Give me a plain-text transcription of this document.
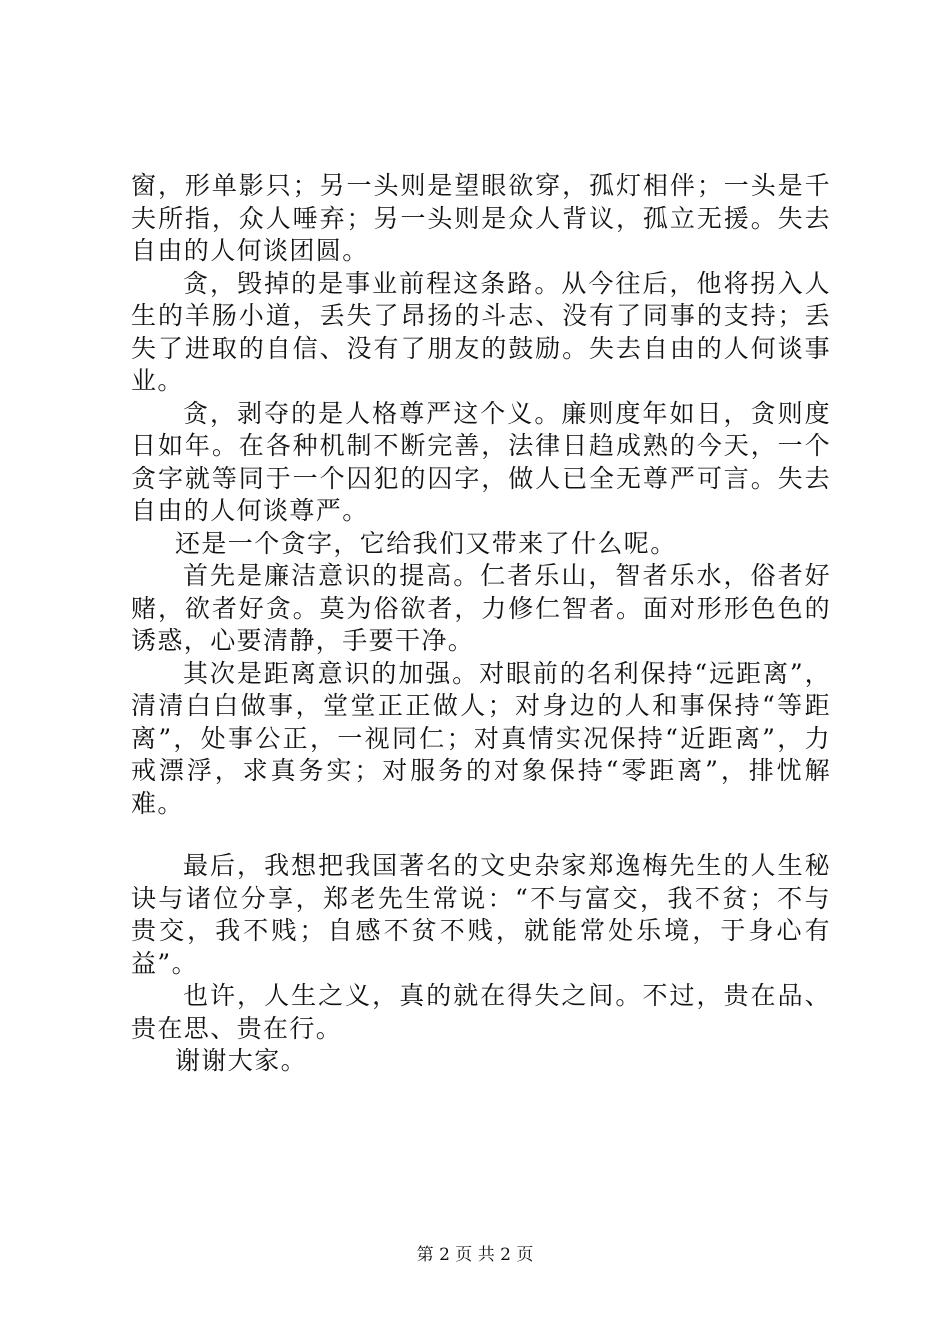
窗，形单影只；另一头则是望眼欲穿，孤灯相伴；一头是千夫所指，众人唾弃；另一头则是众人背议，孤立无援。失去自由的人何谈团圆。

贪，毁掉的是事业前程这条路。从今往后，他将拐入人生的羊肠小道，丢失了昂扬的斗志、没有了同事的支持；丢失了进取的自信、没有了朋友的鼓励。失去自由的人何谈事业。

贪，剥夺的是人格尊严这个义。廉则度年如日，贪则度日如年。在各种机制不断完善，法律日趋成熟的今天，一个贪字就等同于一个囚犯的囚字，做人已全无尊严可言。失去自由的人何谈尊严。

还是一个贪字，它给我们又带来了什么呢。

首先是廉洁意识的提高。仁者乐山，智者乐水，俗者好赌，欲者好贪。莫为俗欲者，力修仁智者。面对形形色色的诱惑，心要清静，手要干净。

其次是距离意识的加强。对眼前的名利保持“远距离”，清清白白做事，堂堂正正做人；对身边的人和事保持“等距离”，处事公正，一视同仁；对真情实况保持“近距离”，力戒漂浮，求真务实；对服务的对象保持“零距离”，排忧解难。

最后，我想把我国著名的文史杂家郑逸梅先生的人生秘诀与诸位分享，郑老先生常说：“不与富交，我不贫；不与贵交，我不贱；自感不贫不贱，就能常处乐境，于身心有益”。

也许，人生之义，真的就在得失之间。不过，贵在品、贵在思、贵在行。

谢谢大家。

第 2 页 共 2 页
